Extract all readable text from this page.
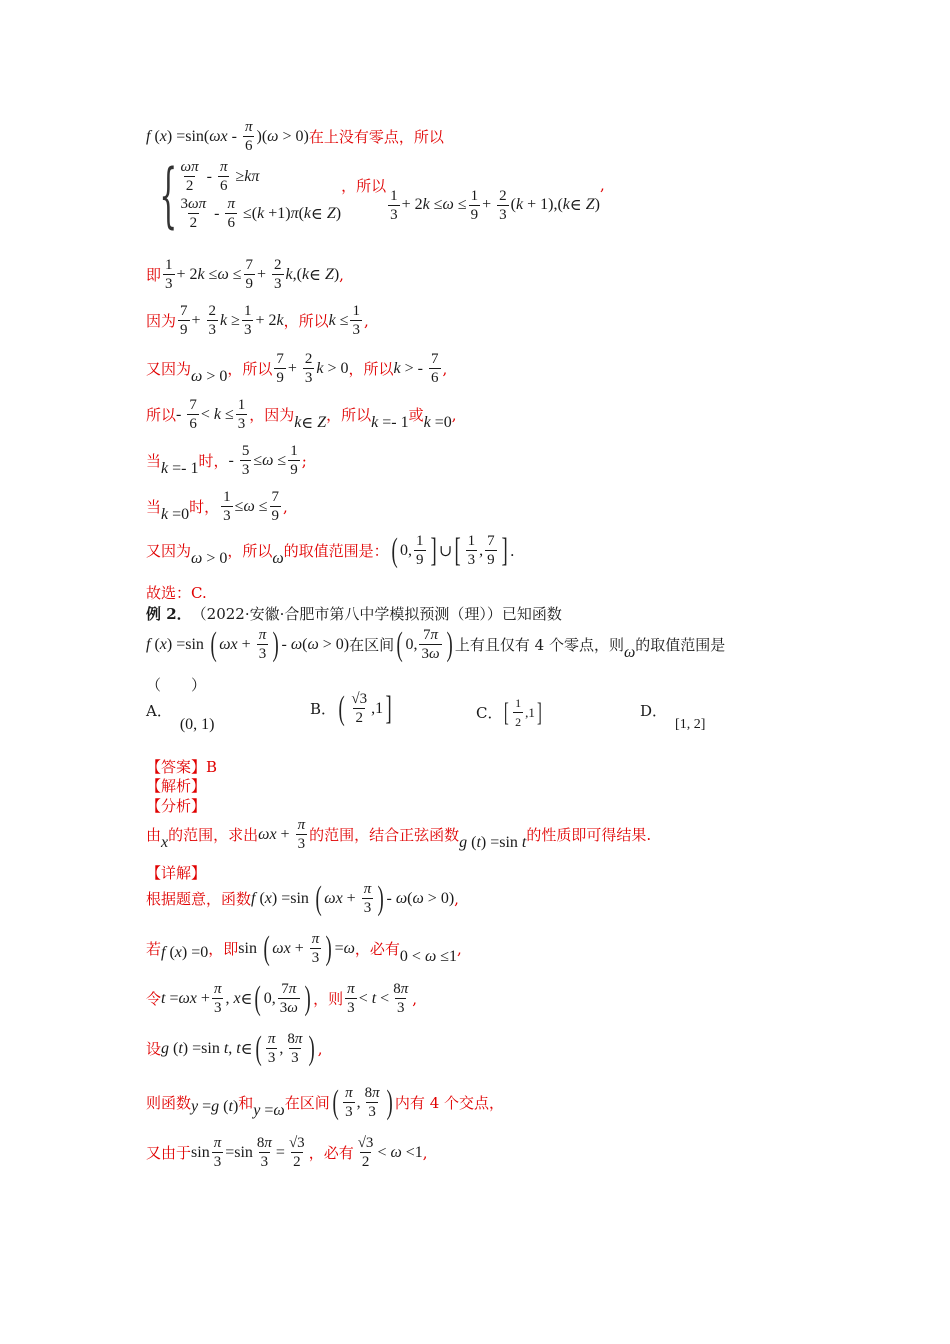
f ( x ) =sin( ωx -
π
6
)( ω > 0) 在上没有零点，所以
{ ωπ
2
-
π
6
≥ kπ
3ωπ
2
-
π
6
≤( k +1) π ( k ∈ Z )
，所以
1
3
+ 2 k ≤ ω ≤
1
9
+
2
3
( k + 1),( k ∈ Z )
,
即
1
3
+ 2 k ≤ ω ≤
7
9
+
2
3
k ,( k ∈ Z ) ,
因为
7
9
+
2
3
k ≥
1
3
+ 2 k ，所以 k ≤
1
3
,
又因为 ω > 0 ，所以
7
9
+
2
3
k > 0 ，所以 k > -
7
6
,
所以 -
7
6
< k ≤
1
3 ，因为 k ∈ Z ，所以 k =- 1 或 k =0 ,
当 k =- 1 时， -
5
3
≤ ω ≤
1
9
;
当 k =0 时，
1
3
≤ ω ≤
7
9
,
又因为 ω > 0 ，所以 ω 的取值范围是： ( 0,
1
9 ] ∪ [ 1
3
,
7
9 ] .
故选：C.
例 2． （2022·安徽·合肥市第八中学模拟预测（理））已知函数
f ( x ) =sin ( ωx +
π
3 ) - ω ( ω > 0) 在区间 ( 0,
7π
3ω ) 上有且仅有 4 个零点，则 ω 的取值范围是
（　　）
A．
(0, 1)
B． ( √3
2
,1 ]	C． [ 1
2
,1 ]	D．
[1, 2]
【答案】B
【解析】
【分析】
由 x 的范围，求出 ωx +
π
3 的范围，结合正弦函数 g ( t ) =sin t 的性质即可得结果.
【详解】
根据题意，函数 f ( x ) =sin ( ωx +
π
3 ) - ω ( ω > 0) ,
若 f ( x ) =0 ，即 sin ( ωx +
π
3 ) = ω ，必有 0 < ω ≤1 ,
令 t = ωx +
π
3
, x ∈ ( 0,
7π
3ω ) ，则
π
3
< t <
8π
3
,
设 g ( t ) =sin t , t ∈ ( π
3
,
8π
3 ) ,
则函数 y = g ( t ) 和 y = ω 在区间 ( π
3
,
8π
3 ) 内有 4 个交点，
又由于 sin
π
3
=sin
8π
3
=
√3
2 ，必有
√3
2
< ω <1 ,
